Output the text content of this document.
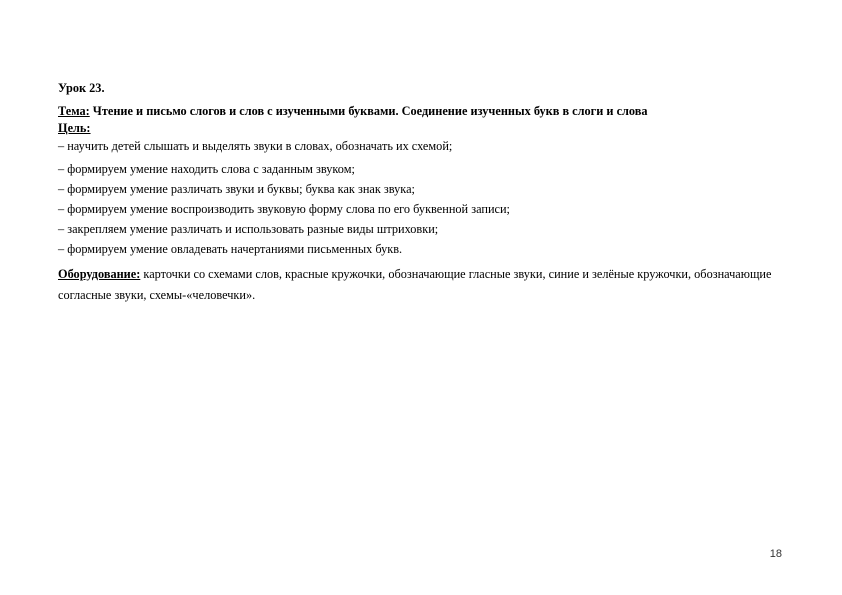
Урок 23.

Тема: Чтение и письмо слогов и слов с изученными буквами. Соединение изученных букв в слоги и слова

Цель:

– научить детей слышать и выделять звуки в словах, обозначать их схемой;

– формируем умение находить слова с заданным звуком;
– формируем умение различать звуки и буквы; буква как знак звука;
– формируем умение воспроизводить звуковую форму слова по его буквенной записи;
– закрепляем умение различать и использовать разные виды штриховки;
– формируем умение овладевать начертаниями письменных букв.

Оборудование: карточки со схемами слов, красные кружочки, обозначающие гласные звуки, синие и зелёные кружочки, обозначающие согласные звуки, схемы-«человечки».

18
